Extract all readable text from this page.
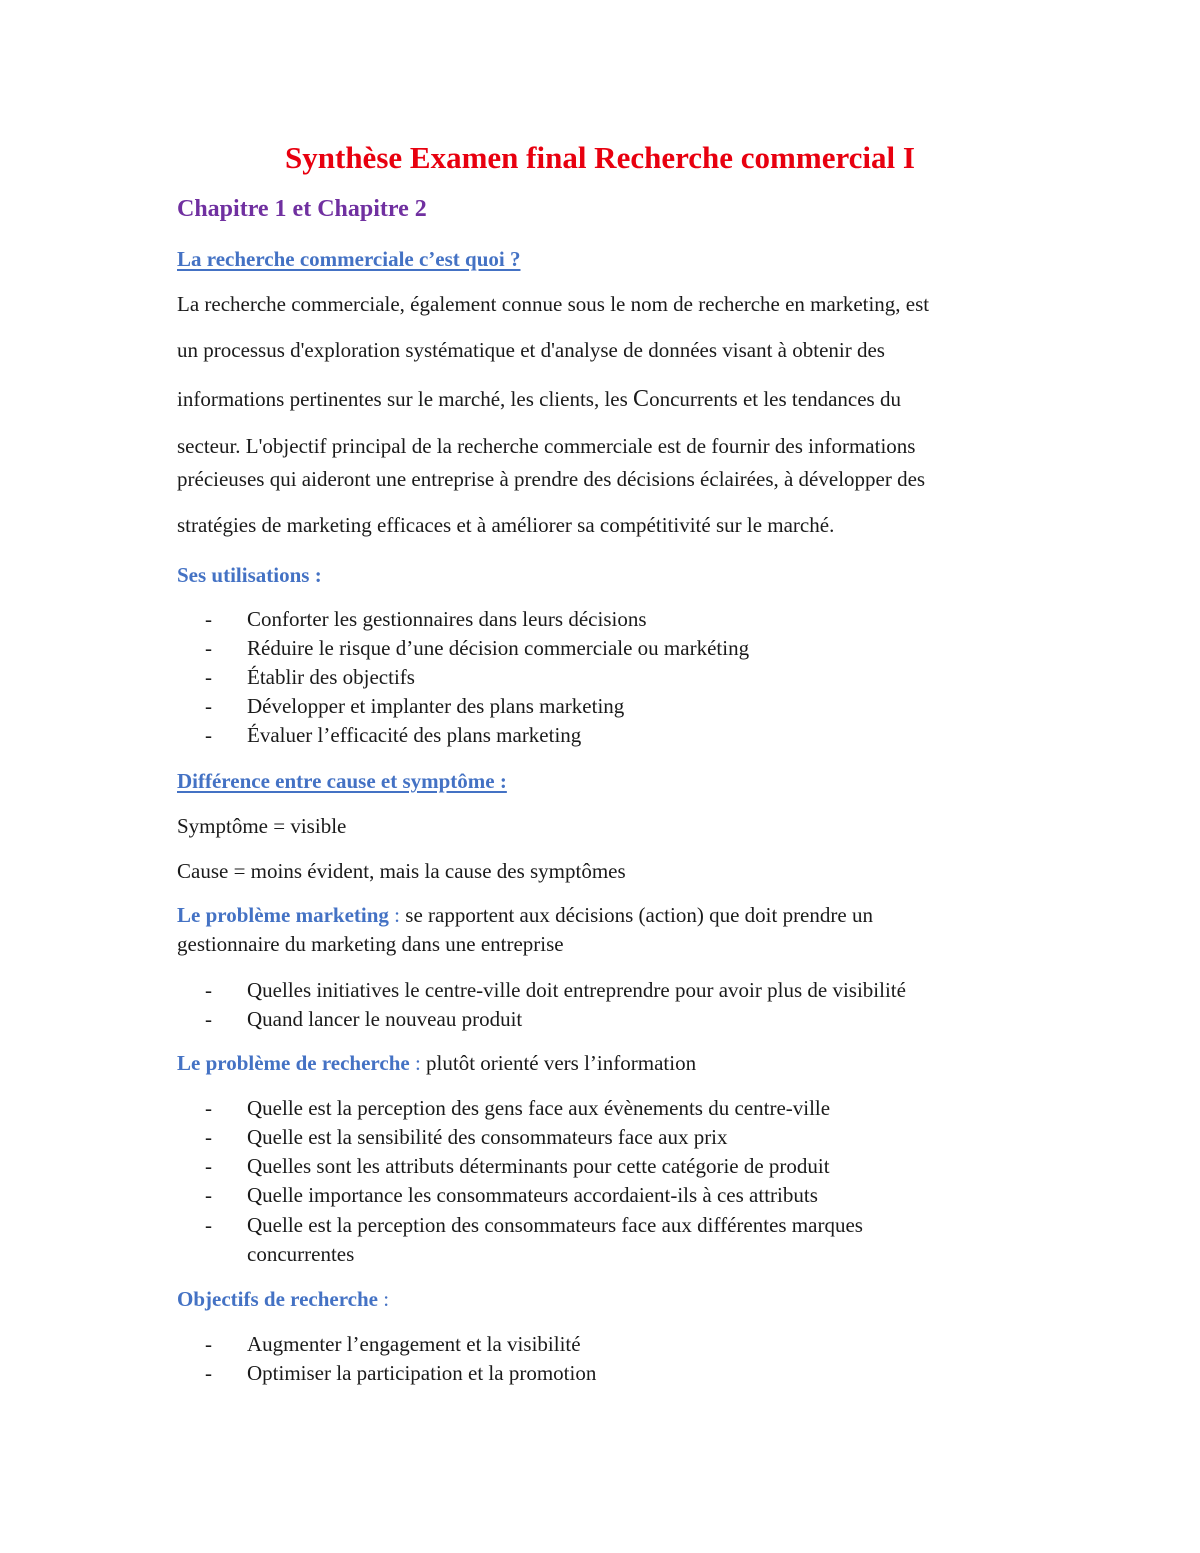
Synthèse Examen final Recherche commercial I
Chapitre 1 et Chapitre 2
La recherche commerciale c’est quoi ?

La recherche commerciale, également connue sous le nom de recherche en marketing, est

un processus d'exploration systématique et d'analyse de données visant à obtenir des

informations pertinentes sur le marché, les clients, les Concurrents et les tendances du

secteur. L'objectif principal de la recherche commerciale est de fournir des informations

précieuses qui aideront une entreprise à prendre des décisions éclairées, à développer des

stratégies de marketing efficaces et à améliorer sa compétitivité sur le marché.

Ses utilisations :
- Conforter les gestionnaires dans leurs décisions
- Réduire le risque d’une décision commerciale ou markéting
- Établir des objectifs
- Développer et implanter des plans marketing
- Évaluer l’efficacité des plans marketing
Différence entre cause et symptôme :

Symptôme = visible

Cause = moins évident, mais la cause des symptômes

Le problème marketing : se rapportent aux décisions (action) que doit prendre un

gestionnaire du marketing dans une entreprise

- Quelles initiatives le centre-ville doit entreprendre pour avoir plus de visibilité
- Quand lancer le nouveau produit

Le problème de recherche : plutôt orienté vers l’information

- Quelle est la perception des gens face aux évènements du centre-ville
- Quelle est la sensibilité des consommateurs face aux prix
- Quelles sont les attributs déterminants pour cette catégorie de produit
- Quelle importance les consommateurs accordaient-ils à ces attributs
- Quelle est la perception des consommateurs face aux différentes marques
concurrentes

Objectifs de recherche :

- Augmenter l’engagement et la visibilité
- Optimiser la participation et la promotion
